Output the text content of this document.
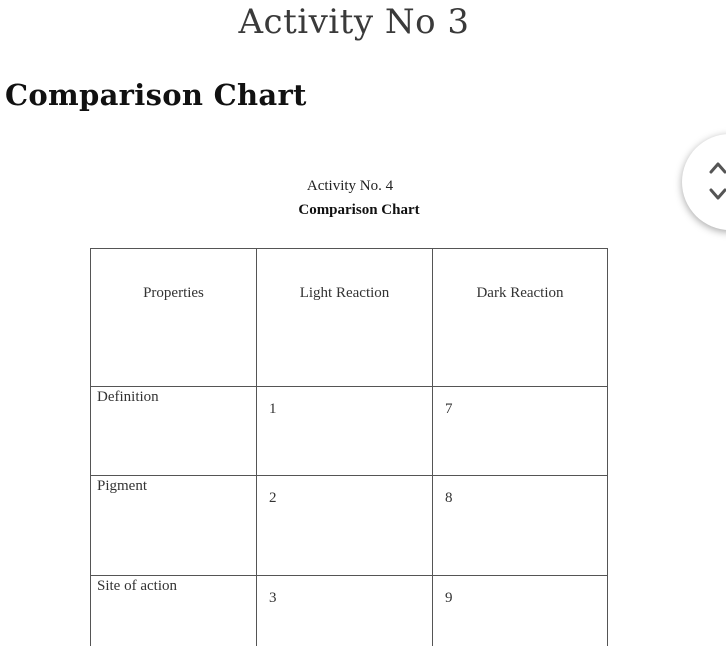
Activity No 3
Comparison Chart
Activity No. 4
Comparison Chart
Properties	Light Reaction	Dark Reaction
Definition	1	7
Pigment	2	8
Site of action	3	9
